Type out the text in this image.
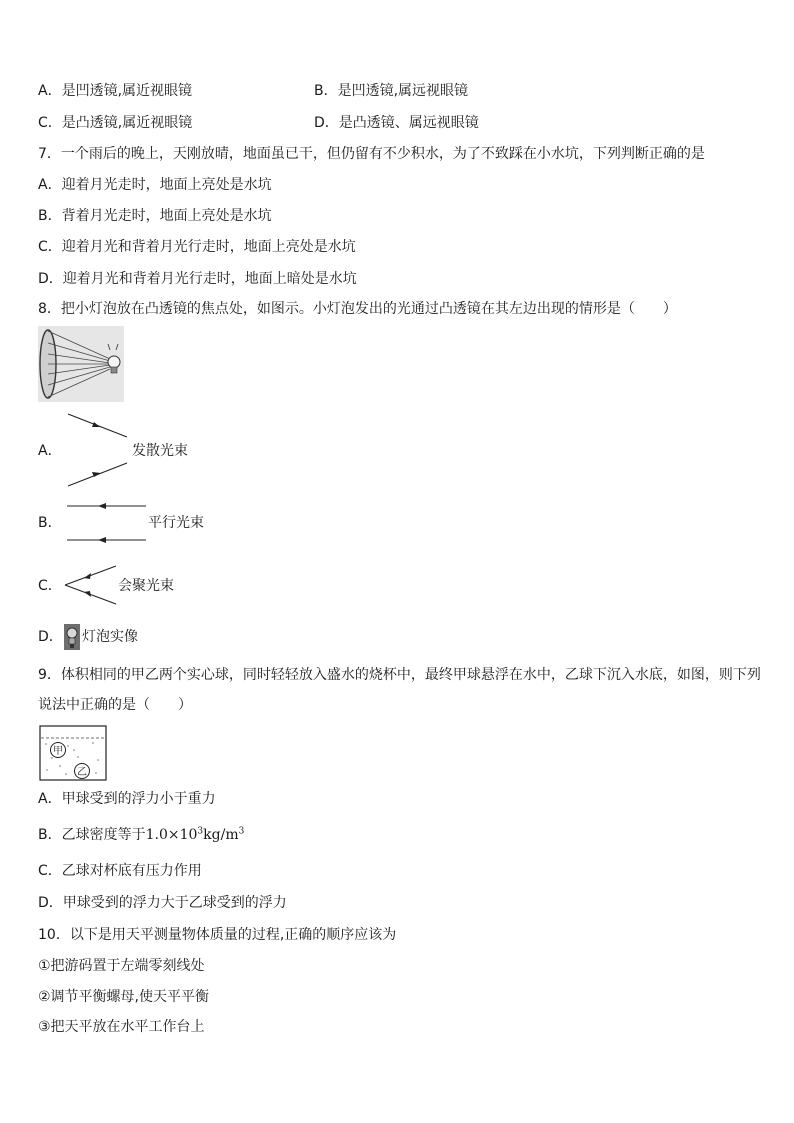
A．是凹透镜,属近视眼镜	B．是凹透镜,属远视眼镜
C．是凸透镜,属近视眼镜	D．是凸透镜、属远视眼镜
7．一个雨后的晚上，天刚放晴，地面虽已干，但仍留有不少积水，为了不致踩在小水坑，下列判断正确的是
A．迎着月光走时，地面上亮处是水坑
B．背着月光走时，地面上亮处是水坑
C．迎着月光和背着月光行走时，地面上亮处是水坑
D．迎着月光和背着月光行走时，地面上暗处是水坑
8．把小灯泡放在凸透镜的焦点处，如图示。小灯泡发出的光通过凸透镜在其左边出现的情形是（　　）
A．	发散光束
B．	平行光束
C．	会聚光束
D． 灯泡实像
9．体积相同的甲乙两个实心球，同时轻轻放入盛水的烧杯中，最终甲球悬浮在水中，乙球下沉入水底，如图，则下列
说法中正确的是（　　）
甲
乙
A．甲球受到的浮力小于重力
B．乙球密度等于$1.0\times 10^3kg/m^3$
C．乙球对杯底有压力作用
D．甲球受到的浮力大于乙球受到的浮力
10．以下是用天平测量物体质量的过程,正确的顺序应该为
①把游码置于左端零刻线处
②调节平衡螺母,使天平平衡
③把天平放在水平工作台上
